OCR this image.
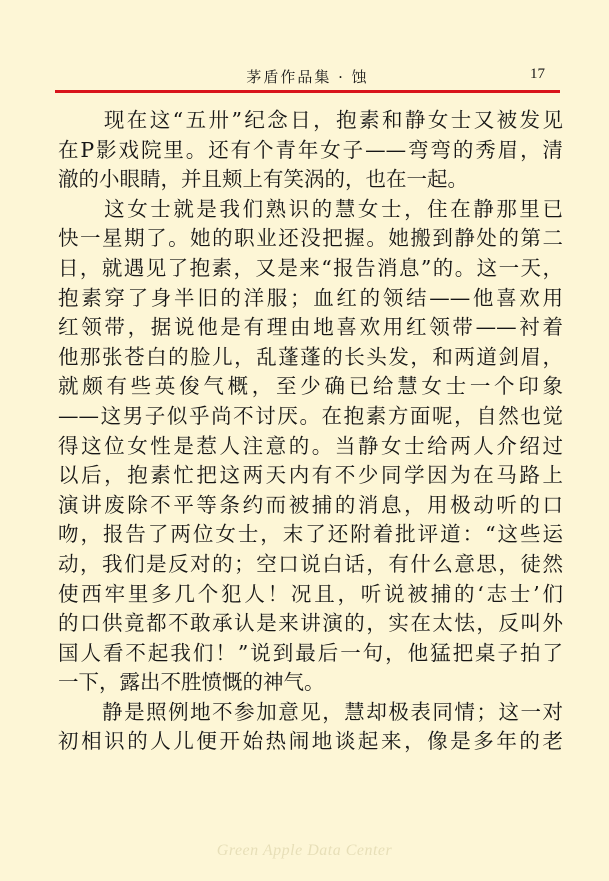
茅盾作品集 · 蚀	17
　　现在这“五卅”纪念日，抱素和静女士又被发见
在P影戏院里。还有个青年女子——弯弯的秀眉，清
澈的小眼睛，并且颊上有笑涡的，也在一起。
　　这女士就是我们熟识的慧女士，住在静那里已
快一星期了。她的职业还没把握。她搬到静处的第二
日，就遇见了抱素，又是来“报告消息”的。这一天，
抱素穿了身半旧的洋服；血红的领结——他喜欢用
红领带，据说他是有理由地喜欢用红领带——衬着
他那张苍白的脸儿，乱蓬蓬的长头发，和两道剑眉，
就颇有些英俊气概，至少确已给慧女士一个印象
——这男子似乎尚不讨厌。在抱素方面呢，自然也觉
得这位女性是惹人注意的。当静女士给两人介绍过
以后，抱素忙把这两天内有不少同学因为在马路上
演讲废除不平等条约而被捕的消息，用极动听的口
吻，报告了两位女士，末了还附着批评道：“这些运
动，我们是反对的；空口说白话，有什么意思，徒然
使西牢里多几个犯人！况且，听说被捕的‘志士’们
的口供竟都不敢承认是来讲演的，实在太怯，反叫外
国人看不起我们！”说到最后一句，他猛把桌子拍了
一下，露出不胜愤慨的神气。
　　静是照例地不参加意见，慧却极表同情；这一对
初相识的人儿便开始热闹地谈起来，像是多年的老
Green Apple Data Center
